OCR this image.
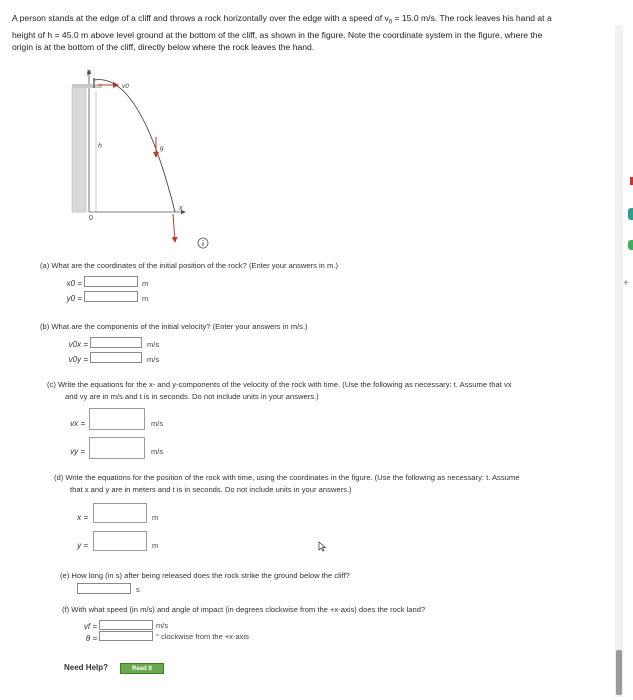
A person stands at the edge of a cliff and throws a rock horizontally over the edge with a speed of $v_0 = 15.0$ m/s. The rock leaves his hand at a
height of h = 45.0 m above level ground at the bottom of the cliff, as shown in the figure. Note the coordinate system in the figure, where the
origin is at the bottom of the cliff, directly below where the rock leaves the hand.
y
x
0
h
v0
g
(a) What are the coordinates of the initial position of the rock? (Enter your answers in m.)
x0 =	m
y0 =	m
(b) What are the components of the initial velocity? (Enter your answers in m/s.)
v0x =	m/s
v0y =	m/s
(c) Write the equations for the x- and y-components of the velocity of the rock with time. (Use the following as necessary: t. Assume that vx
and vy are in m/s and t is in seconds. Do not include units in your answers.)
vx =	m/s
vy =	m/s
(d) Write the equations for the position of the rock with time, using the coordinates in the figure. (Use the following as necessary: t. Assume
that x and y are in meters and t is in seconds. Do not include units in your answers.)
x =	m
y =	m
(e) How long (in s) after being released does the rock strike the ground below the cliff?
s
(f) With what speed (in m/s) and angle of impact (in degrees clockwise from the +x-axis) does the rock land?
vf =	m/s
θ =	° clockwise from the +x-axis
Need Help?	Read It
+
